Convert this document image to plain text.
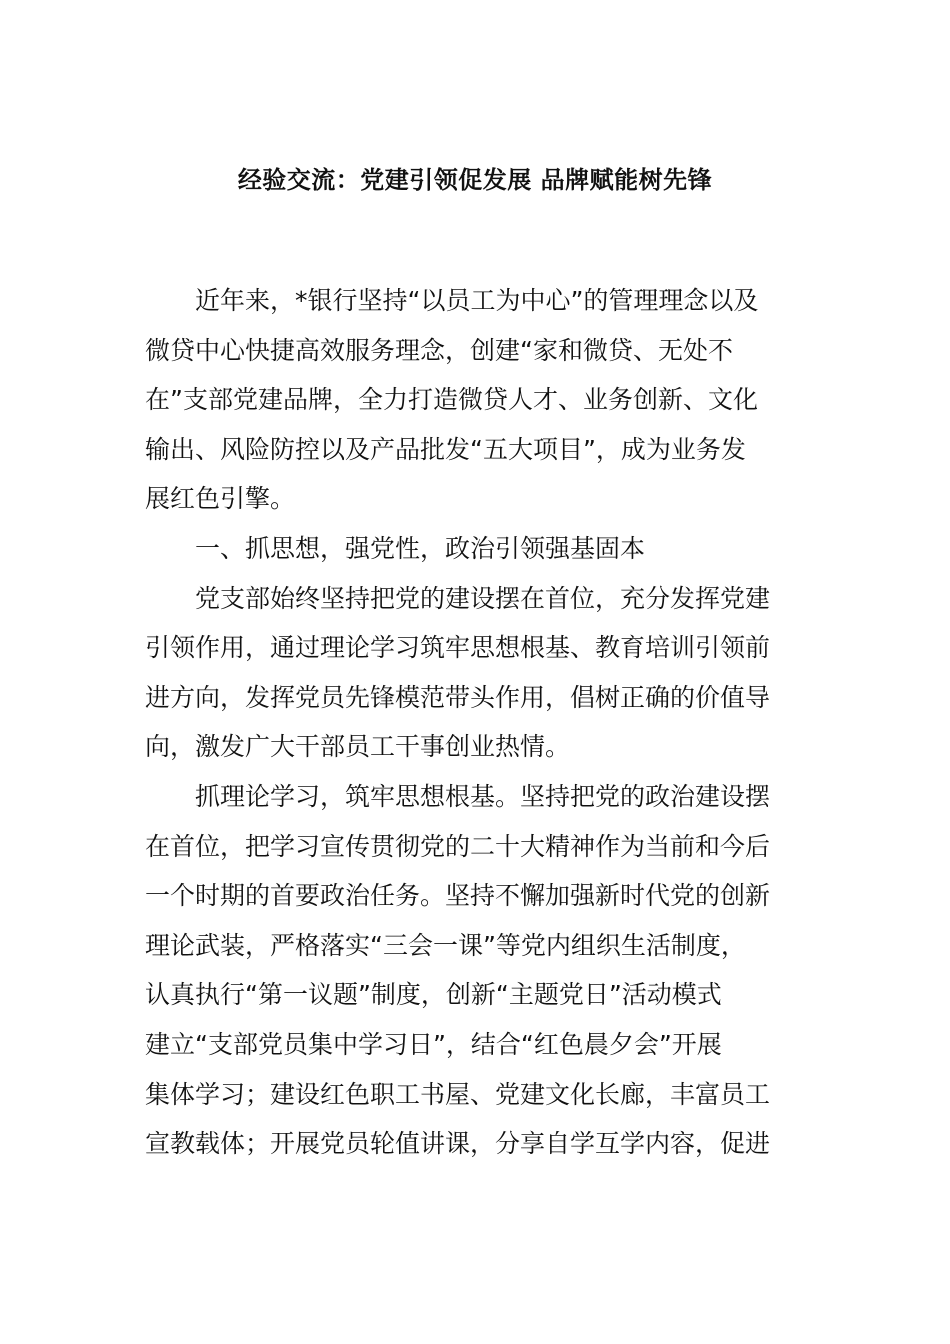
经验交流：党建引领促发展 品牌赋能树先锋
近年来，*银行坚持“以员工为中心”的管理理念以及
微贷中心快捷高效服务理念，创建“家和微贷、无处不
在”支部党建品牌，全力打造微贷人才、业务创新、文化
输出、风险防控以及产品批发“五大项目”，成为业务发
展红色引擎。
一、抓思想，强党性，政治引领强基固本
党支部始终坚持把党的建设摆在首位，充分发挥党建
引领作用，通过理论学习筑牢思想根基、教育培训引领前
进方向，发挥党员先锋模范带头作用，倡树正确的价值导
向，激发广大干部员工干事创业热情。
抓理论学习，筑牢思想根基。坚持把党的政治建设摆
在首位，把学习宣传贯彻党的二十大精神作为当前和今后
一个时期的首要政治任务。坚持不懈加强新时代党的创新
理论武装，严格落实“三会一课”等党内组织生活制度，
认真执行“第一议题”制度，创新“主题党日”活动模式
建立“支部党员集中学习日”，结合“红色晨夕会”开展
集体学习；建设红色职工书屋、党建文化长廊，丰富员工
宣教载体；开展党员轮值讲课，分享自学互学内容，促进
